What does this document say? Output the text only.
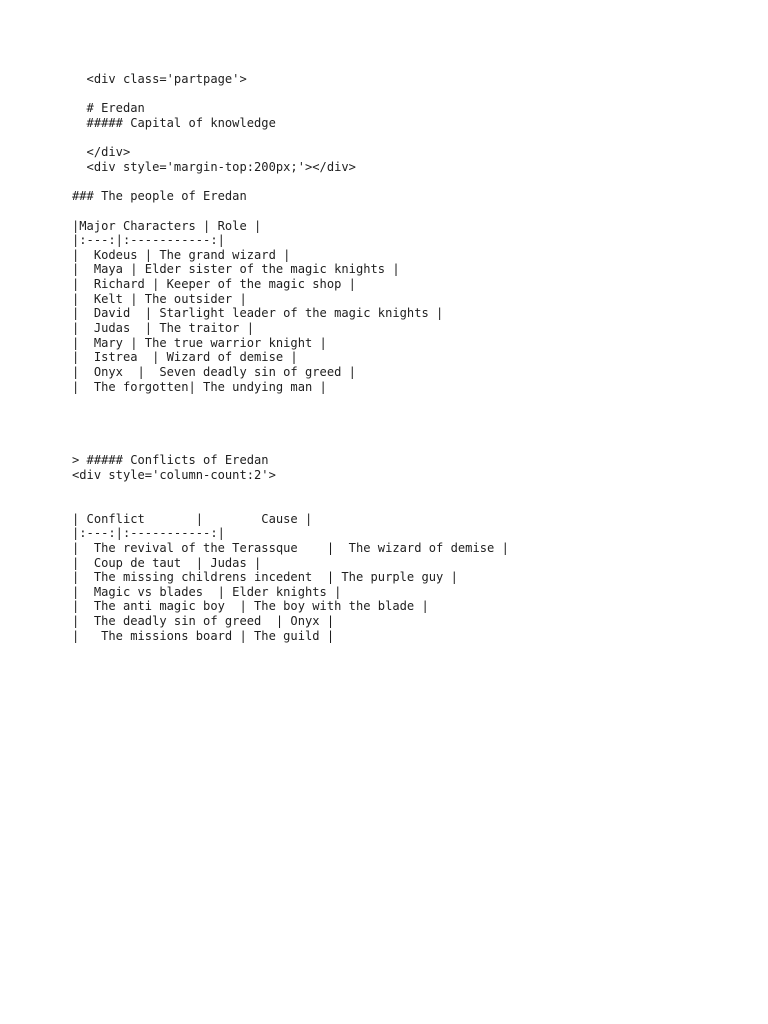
<div class='partpage'>
# Eredan
##### Capital of knowledge
</div>
<div style='margin-top:200px;'></div>
### The people of Eredan
|Major Characters | Role |
|:---:|:-----------:|
|  Kodeus | The grand wizard |
|  Maya | Elder sister of the magic knights |
|  Richard | Keeper of the magic shop |
|  Kelt | The outsider |
|  David  | Starlight leader of the magic knights |
|  Judas  | The traitor |
|  Mary | The true warrior knight |
|  Istrea  | Wizard of demise |
|  Onyx  |  Seven deadly sin of greed |
|  The forgotten| The undying man |
> ##### Conflicts of Eredan
<div style='column-count:2'>
| Conflict       |        Cause |
|:---:|:-----------:|
|  The revival of the Terassque    |  The wizard of demise |
|  Coup de taut  | Judas |
|  The missing childrens incedent  | The purple guy |
|  Magic vs blades  | Elder knights |
|  The anti magic boy  | The boy with the blade |
|  The deadly sin of greed  | Onyx |
|   The missions board | The guild |
